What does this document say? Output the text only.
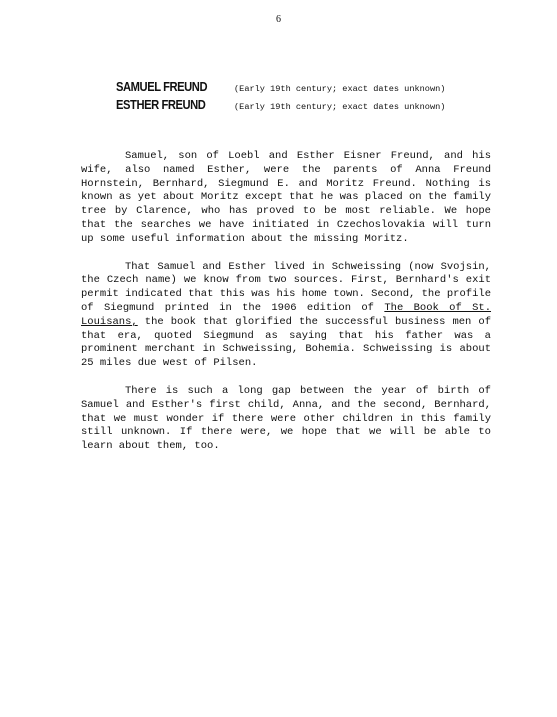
6
SAMUEL FREUND	(Early 19th century; exact dates unknown)
ESTHER FREUND	(Early 19th century; exact dates unknown)

Samuel, son of Loebl and Esther Eisner Freund, and his wife, also named Esther, were the parents of Anna Freund Hornstein, Bernhard, Siegmund E. and Moritz Freund. Nothing is known as yet about Moritz except that he was placed on the family tree by Clarence, who has proved to be most reliable. We hope that the searches we have initiated in Czechoslovakia will turn up some useful information about the missing Moritz.

That Samuel and Esther lived in Schweissing (now Svojsin, the Czech name) we know from two sources. First, Bernhard's exit permit indicated that this was his home town. Second, the profile of Siegmund printed in the 1906 edition of The Book of St. Louisans, the book that glorified the successful business men of that era, quoted Siegmund as saying that his father was a prominent merchant in Schweissing, Bohemia. Schweissing is about 25 miles due west of Pilsen.

There is such a long gap between the year of birth of Samuel and Esther's first child, Anna, and the second, Bernhard, that we must wonder if there were other children in this family still unknown. If there were, we hope that we will be able to learn about them, too.
